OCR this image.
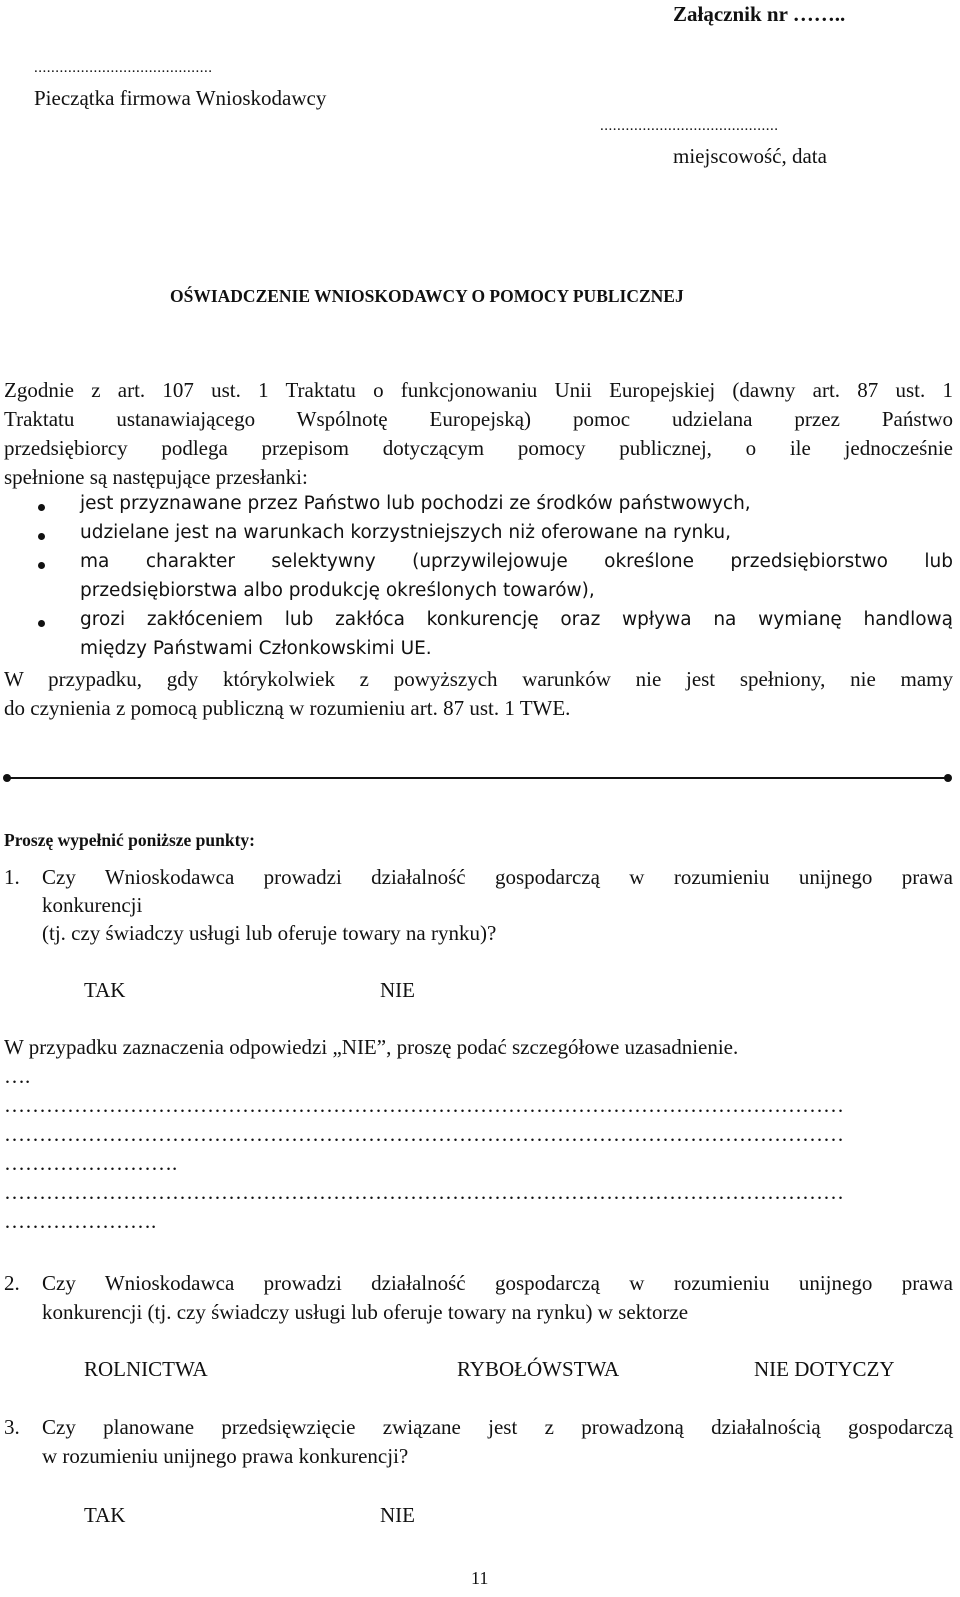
Załącznik nr ……..
..........................................
Pieczątka firmowa Wnioskodawcy
..........................................
miejscowość, data
OŚWIADCZENIE WNIOSKODAWCY O POMOCY PUBLICZNEJ
Zgodnie z art. 107 ust. 1 Traktatu o funkcjonowaniu Unii Europejskiej (dawny art. 87 ust. 1
Traktatu ustanawiającego Wspólnotę Europejską) pomoc udzielana przez Państwo
przedsiębiorcy podlega przepisom dotyczącym pomocy publicznej, o ile jednocześnie
spełnione są następujące przesłanki:
jest przyznawane przez Państwo lub pochodzi ze środków państwowych,
udzielane jest na warunkach korzystniejszych niż oferowane na rynku,
ma charakter selektywny (uprzywilejowuje określone przedsiębiorstwo lub
przedsiębiorstwa albo produkcję określonych towarów),
grozi zakłóceniem lub zakłóca konkurencję oraz wpływa na wymianę handlową
między Państwami Członkowskimi UE.
W przypadku, gdy którykolwiek z powyższych warunków nie jest spełniony, nie mamy
do czynienia z pomocą publiczną w rozumieniu art. 87 ust. 1 TWE.
Proszę wypełnić poniższe punkty:
1. Czy Wnioskodawca prowadzi działalność gospodarczą w rozumieniu unijnego prawa
konkurencji
(tj. czy świadczy usługi lub oferuje towary na rynku)?
TAK	NIE
W przypadku zaznaczenia odpowiedzi „NIE”, proszę podać szczegółowe uzasadnienie.
….
…………………………………………………………………………………………………………
…………………………………………………………………………………………………………
…………………….
…………………………………………………………………………………………………………
………………….
2. Czy Wnioskodawca prowadzi działalność gospodarczą w rozumieniu unijnego prawa
konkurencji (tj. czy świadczy usługi lub oferuje towary na rynku) w sektorze
ROLNICTWA	RYBOŁÓWSTWA	NIE DOTYCZY
3. Czy planowane przedsięwzięcie związane jest z prowadzoną działalnością gospodarczą
w rozumieniu unijnego prawa konkurencji?
TAK	NIE
11
